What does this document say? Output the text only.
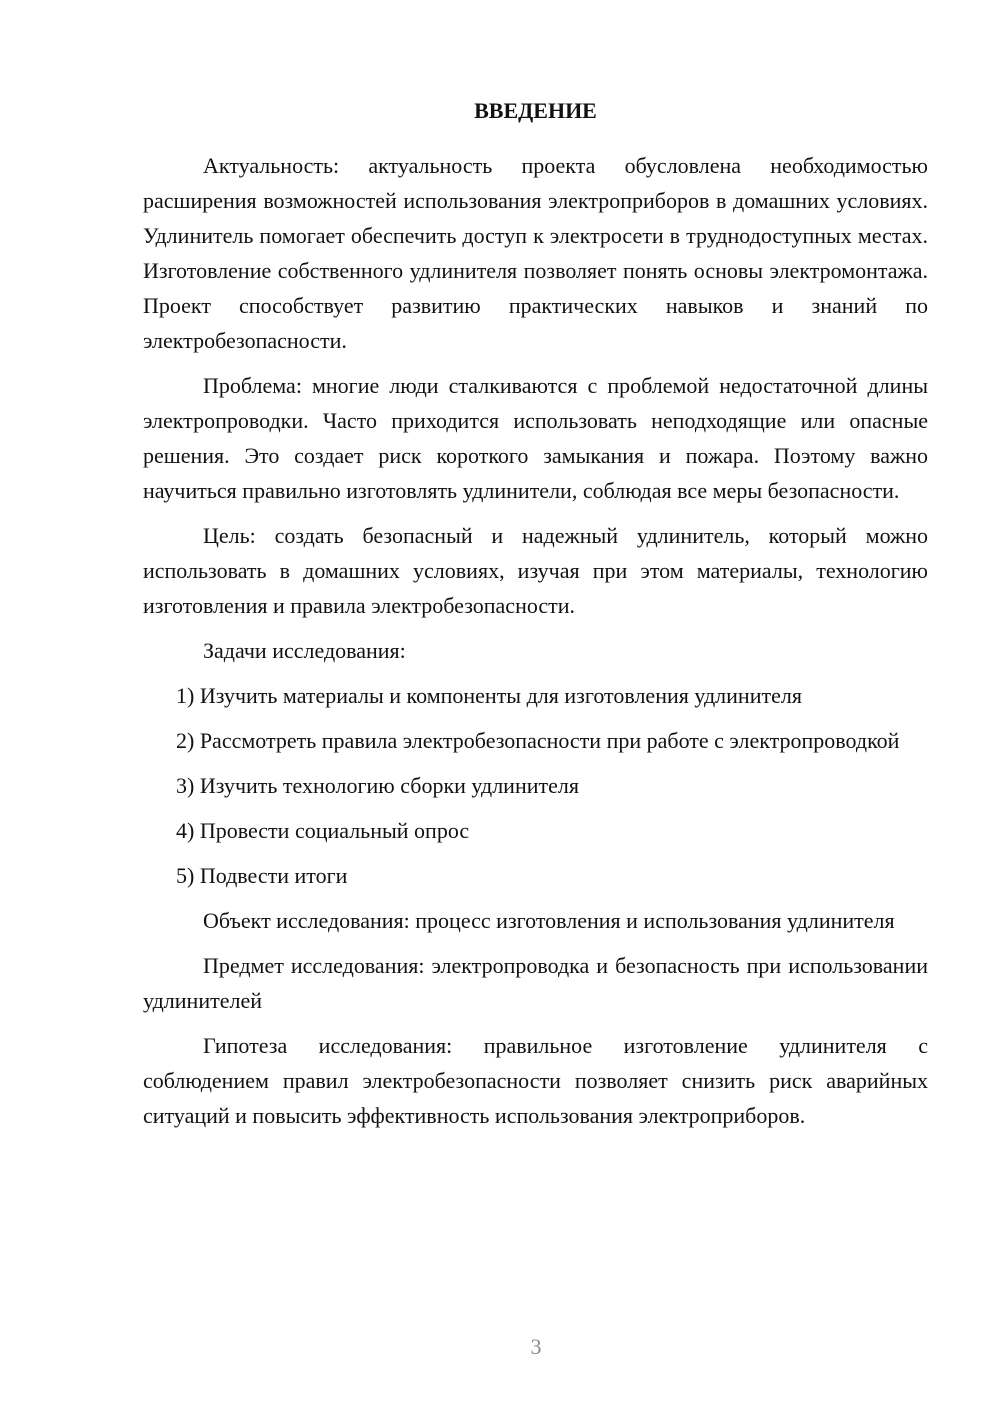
ВВЕДЕНИЕ

Актуальность: актуальность проекта обусловлена необходимостью расширения возможностей использования электроприборов в домашних условиях. Удлинитель помогает обеспечить доступ к электросети в труднодоступных местах. Изготовление собственного удлинителя позволяет понять основы электромонтажа. Проект способствует развитию практических навыков и знаний по электробезопасности.

Проблема: многие люди сталкиваются с проблемой недостаточной длины электропроводки. Часто приходится использовать неподходящие или опасные решения. Это создает риск короткого замыкания и пожара. Поэтому важно научиться правильно изготовлять удлинители, соблюдая все меры безопасности.

Цель: создать безопасный и надежный удлинитель, который можно использовать в домашних условиях, изучая при этом материалы, технологию изготовления и правила электробезопасности.

Задачи исследования:

1) Изучить материалы и компоненты для изготовления удлинителя

2) Рассмотреть правила электробезопасности при работе с электропроводкой

3) Изучить технологию сборки удлинителя

4) Провести социальный опрос

5) Подвести итоги

Объект исследования: процесс изготовления и использования удлинителя

Предмет исследования: электропроводка и безопасность при использовании удлинителей

Гипотеза исследования: правильное изготовление удлинителя с соблюдением правил электробезопасности позволяет снизить риск аварийных ситуаций и повысить эффективность использования электроприборов.

3
